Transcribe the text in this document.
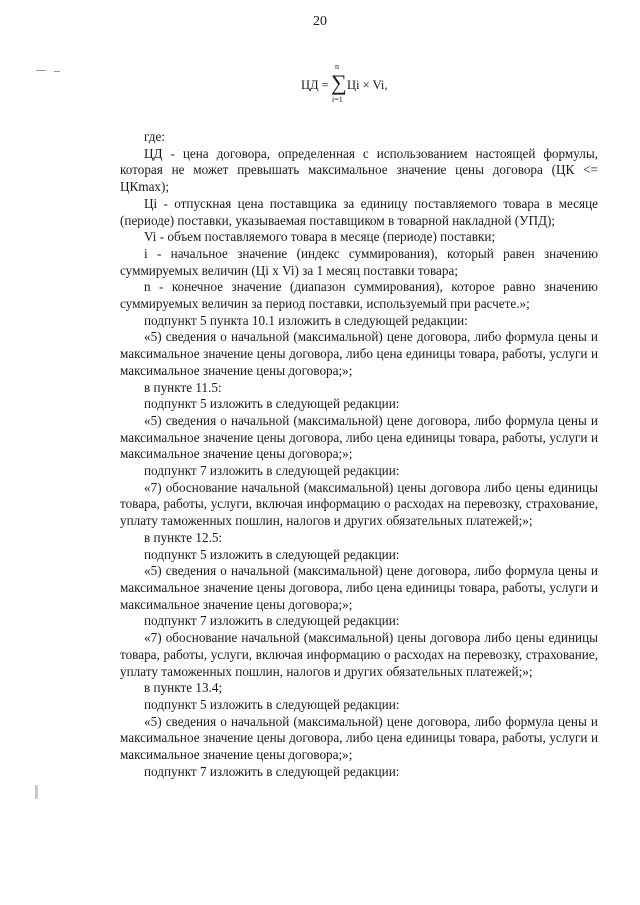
20
ЦД =
n
∑
i=1
Цi × Vi,

где:

ЦД - цена договора, определенная с использованием настоящей формулы, которая не может превышать максимальное значение цены договора (ЦК <= ЦКmax);

Цi - отпускная цена поставщика за единицу поставляемого товара в месяце (периоде) поставки, указываемая поставщиком в товарной накладной (УПД);

Vi - объем поставляемого товара в месяце (периоде) поставки;

i - начальное значение (индекс суммирования), который равен значению суммируемых величин (Цi х Vi) за 1 месяц поставки товара;

n - конечное значение (диапазон суммирования), которое равно значению суммируемых величин за период поставки, используемый при расчете.»;

подпункт 5 пункта 10.1 изложить в следующей редакции:

«5) сведения о начальной (максимальной) цене договора, либо формула цены и максимальное значение цены договора, либо цена единицы товара, работы, услуги и максимальное значение цены договора;»;

в пункте 11.5:

подпункт 5 изложить в следующей редакции:

«5) сведения о начальной (максимальной) цене договора, либо формула цены и максимальное значение цены договора, либо цена единицы товара, работы, услуги и максимальное значение цены договора;»;

подпункт 7 изложить в следующей редакции:

«7) обоснование начальной (максимальной) цены договора либо цены единицы товара, работы, услуги, включая информацию о расходах на перевозку, страхование, уплату таможенных пошлин, налогов и других обязательных платежей;»;

в пункте 12.5:

подпункт 5 изложить в следующей редакции:

«5) сведения о начальной (максимальной) цене договора, либо формула цены и максимальное значение цены договора, либо цена единицы товара, работы, услуги и максимальное значение цены договора;»;

подпункт 7 изложить в следующей редакции:

«7) обоснование начальной (максимальной) цены договора либо цены единицы товара, работы, услуги, включая информацию о расходах на перевозку, страхование, уплату таможенных пошлин, налогов и других обязательных платежей;»;

в пункте 13.4;

подпункт 5 изложить в следующей редакции:

«5) сведения о начальной (максимальной) цене договора, либо формула цены и максимальное значение цены договора, либо цена единицы товара, работы, услуги и максимальное значение цены договора;»;

подпункт 7 изложить в следующей редакции:
